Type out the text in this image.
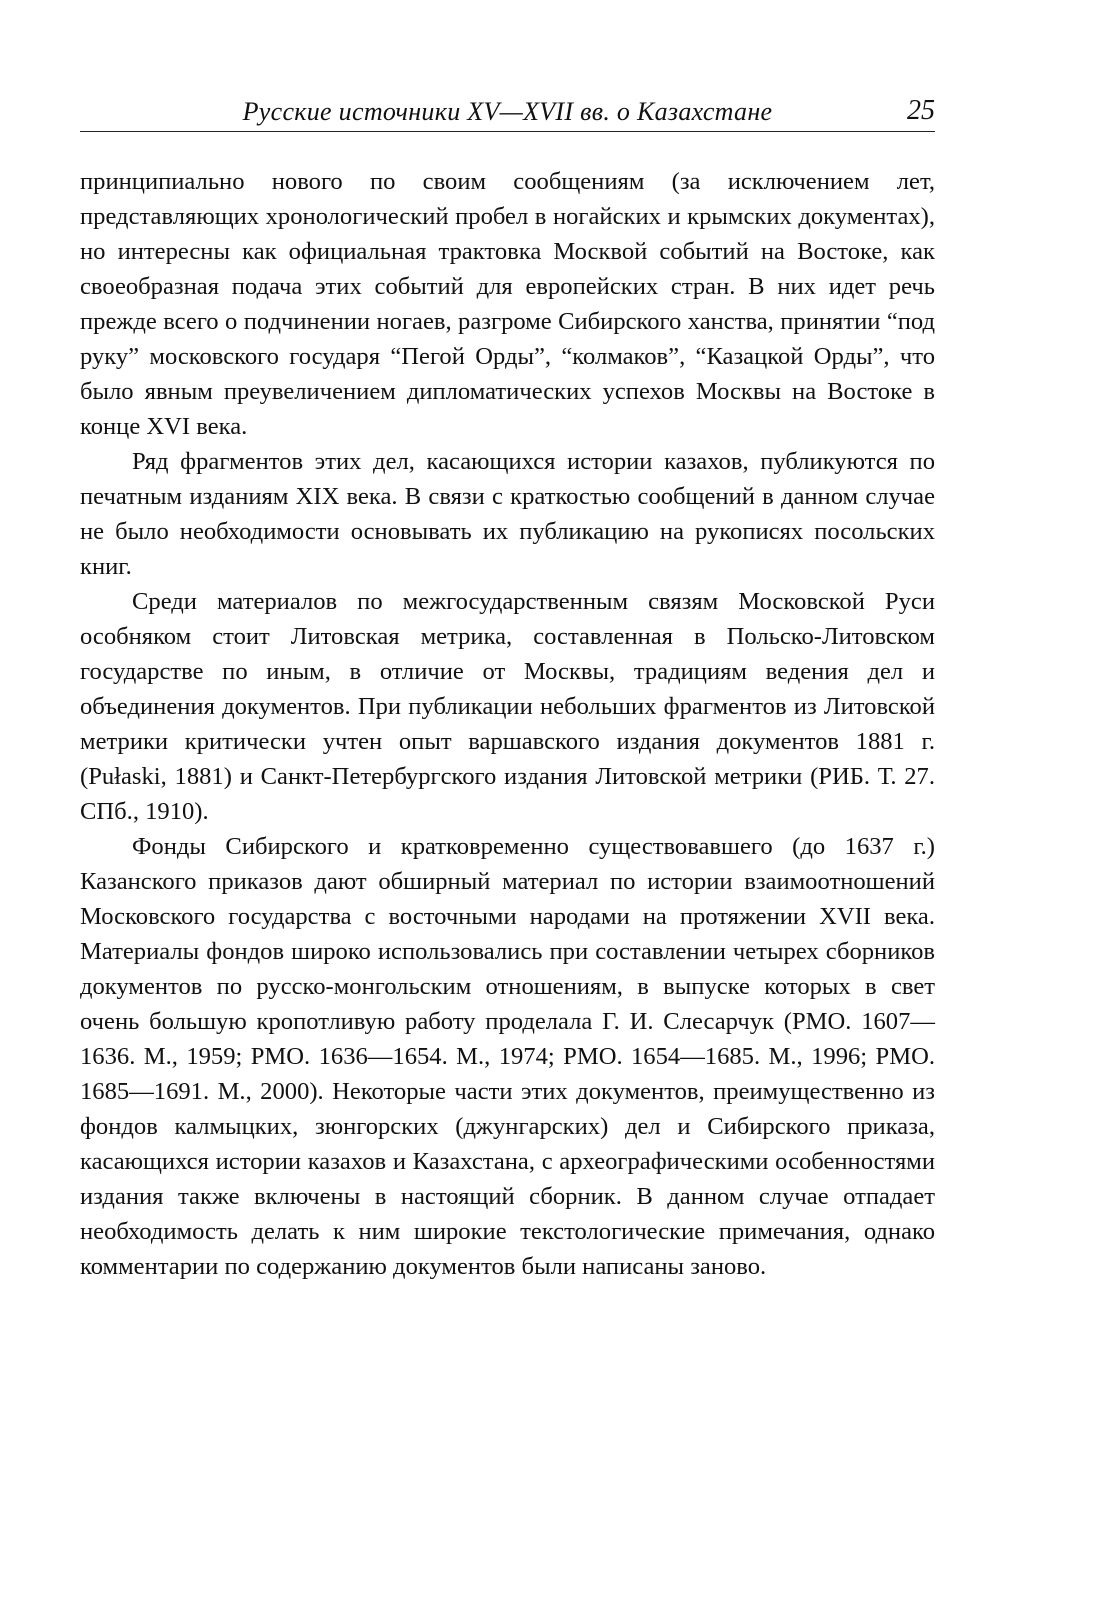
Русские источники XV—XVII вв. о Казахстане	25

принципиально нового по своим сообщениям (за исключением лет, представляющих хронологический пробел в ногайских и крымских документах), но интересны как официальная трактовка Москвой событий на Востоке, как своеобразная подача этих событий для европейских стран. В них идет речь прежде всего о подчинении ногаев, разгроме Сибирского ханства, принятии “под руку” московского государя “Пегой Орды”, “колмаков”, “Казацкой Орды”, что было явным преувеличением дипломатических успехов Москвы на Востоке в конце XVI века.

Ряд фрагментов этих дел, касающихся истории казахов, публикуются по печатным изданиям XIX века. В связи с краткостью сообщений в данном случае не было необходимости основывать их публикацию на рукописях посольских книг.

Среди материалов по межгосударственным связям Московской Руси особняком стоит Литовская метрика, составленная в Польско-Литовском государстве по иным, в отличие от Москвы, традициям ведения дел и объединения документов. При публикации небольших фрагментов из Литовской метрики критически учтен опыт варшавского издания документов 1881 г. (Pułaski, 1881) и Санкт-Петербургского издания Литовской метрики (РИБ. Т. 27. СПб., 1910).

Фонды Сибирского и кратковременно существовавшего (до 1637 г.) Казанского приказов дают обширный материал по истории взаимоотношений Московского государства с восточными народами на протяжении XVII века. Материалы фондов широко использовались при составлении четырех сборников документов по русско-монгольским отношениям, в выпуске которых в свет очень большую кропотливую работу проделала Г. И. Слесарчук (РМО. 1607—1636. М., 1959; РМО. 1636—1654. М., 1974; РМО. 1654—1685. М., 1996; РМО. 1685—1691. М., 2000). Некоторые части этих документов, преимущественно из фондов калмыцких, зюнгорских (джунгарских) дел и Сибирского приказа, касающихся истории казахов и Казахстана, с археографическими особенностями издания также включены в настоящий сборник. В данном случае отпадает необходимость делать к ним широкие текстологические примечания, однако комментарии по содержанию документов были написаны заново.
